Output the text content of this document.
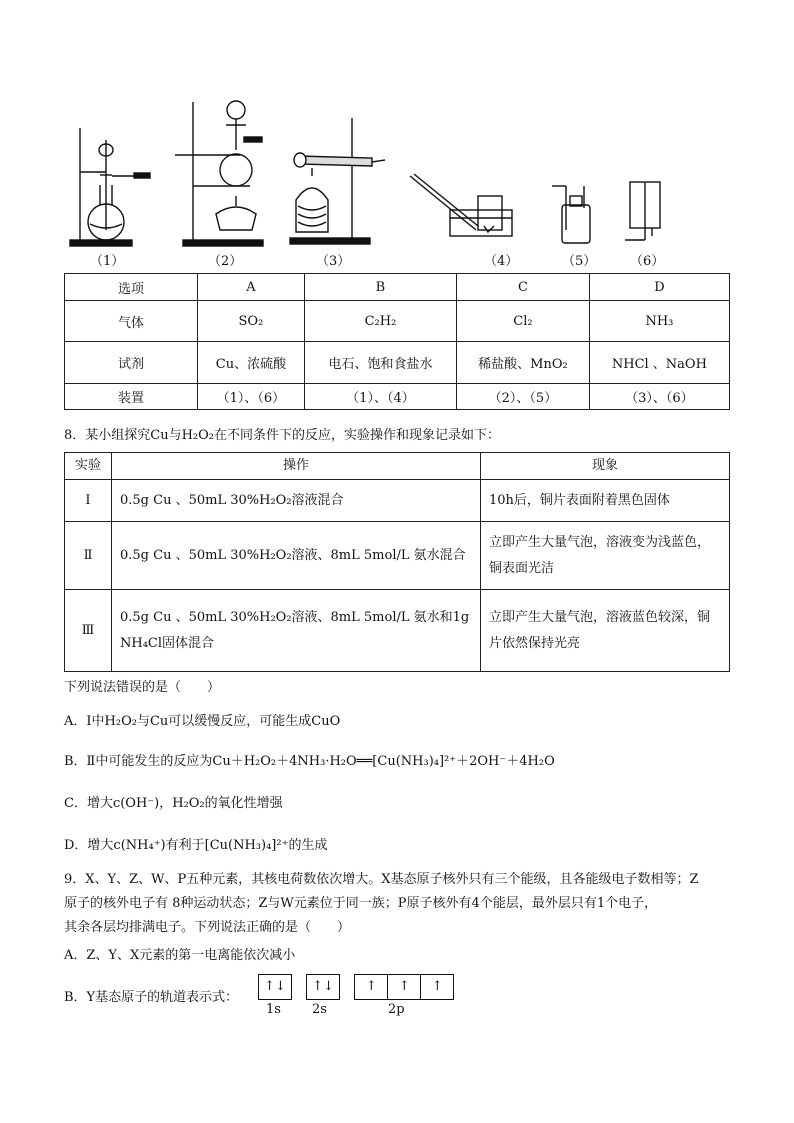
（1）	（2）	（3）	（4）	（5）	（6）
选项	A	B	C	D
气体	SO₂	C₂H₂	Cl₂	NH₃
试剂	Cu、浓硫酸	电石、饱和食盐水	稀盐酸、MnO₂	NHCl 、NaOH
装置	（1）、（6）	（1）、（4）	（2）、（5）	（3）、（6）
8．某小组探究Cu与H₂O₂在不同条件下的反应，实验操作和现象记录如下：
实验	操作	现象
Ⅰ	0.5g Cu 、50mL 30%H₂O₂溶液混合	10h后，铜片表面附着黑色固体
Ⅱ	0.5g Cu 、50mL 30%H₂O₂溶液、8mL 5mol/L 氨水混合	立即产生大量气泡，溶液变为浅蓝色，铜表面光洁
Ⅲ	0.5g Cu 、50mL 30%H₂O₂溶液、8mL 5mol/L 氨水和1g NH₄Cl固体混合	立即产生大量气泡，溶液蓝色较深，铜片依然保持光亮
下列说法错误的是（　　）
A．Ⅰ中H₂O₂与Cu可以缓慢反应，可能生成CuO
B．Ⅱ中可能发生的反应为Cu＋H₂O₂＋4NH₃·H₂O══[Cu(NH₃)₄]²⁺＋2OH⁻＋4H₂O
C．增大c(OH⁻)，H₂O₂的氧化性增强
D．增大c(NH₄⁺)有利于[Cu(NH₃)₄]²⁺的生成
9．X、Y、Z、W、P五种元素，其核电荷数依次增大。X基态原子核外只有三个能级，且各能级电子数相等；Z
原子的核外电子有 8种运动状态；Z与W元素位于同一族；P原子核外有4个能层，最外层只有1个电子，
其余各层均排满电子。下列说法正确的是（　　）
A．Z、Y、X元素的第一电离能依次减小
B．Y基态原子的轨道表示式：
↑↓ ↑↓ ↑ ↑ ↑
1s 2s	2p
